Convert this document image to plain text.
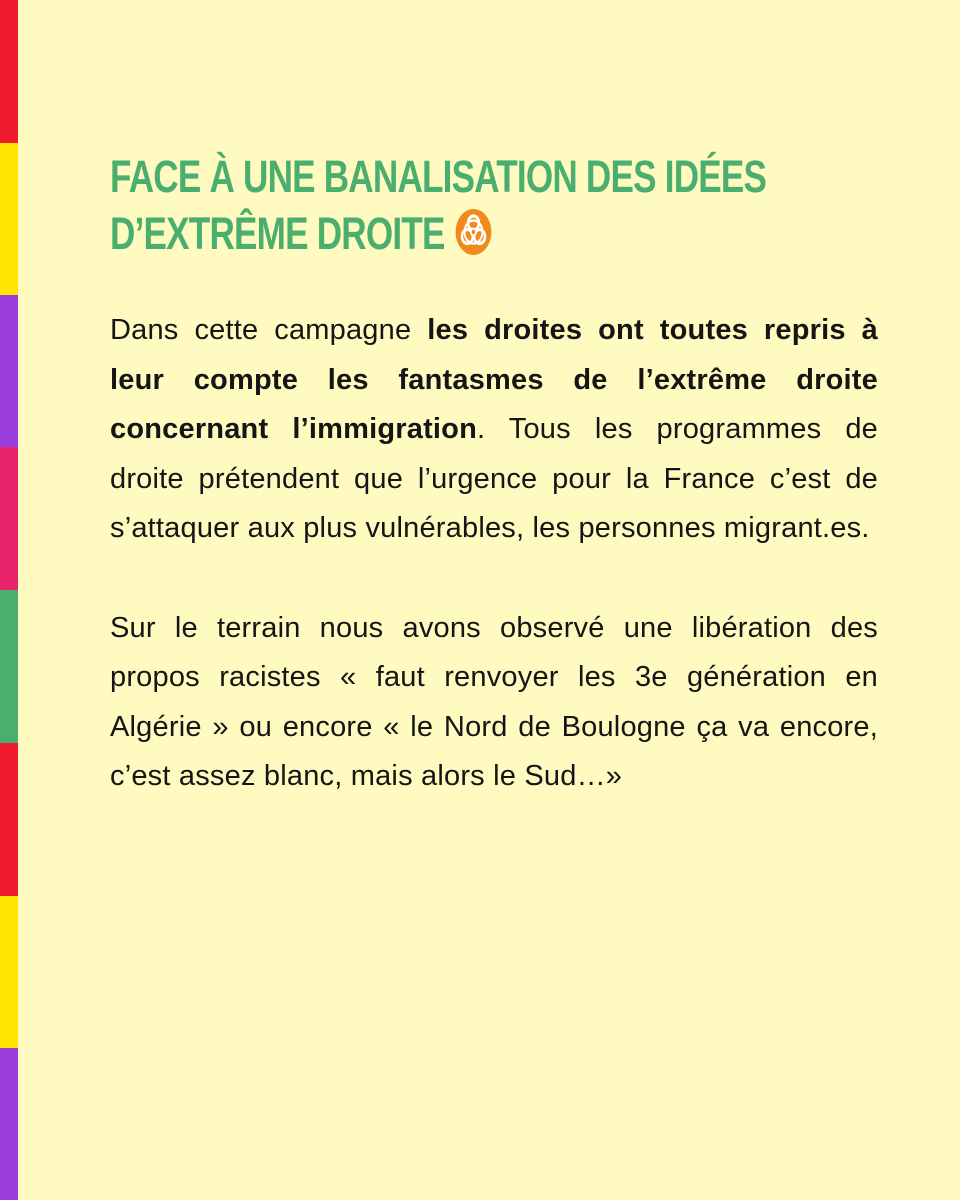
FACE À UNE BANALISATION DES IDÉES
D’EXTRÊME DROITE

Dans cette campagne les droites ont toutes repris à leur compte les fantasmes de l’extrême droite concernant l’immigration. Tous les programmes de droite prétendent que l’urgence pour la France c’est de s’attaquer aux plus vulnérables, les personnes migrant.es.

Sur le terrain nous avons observé une libération des propos racistes « faut renvoyer les 3e génération en Algérie » ou encore « le Nord de Boulogne ça va encore, c’est assez blanc, mais alors le Sud…»
